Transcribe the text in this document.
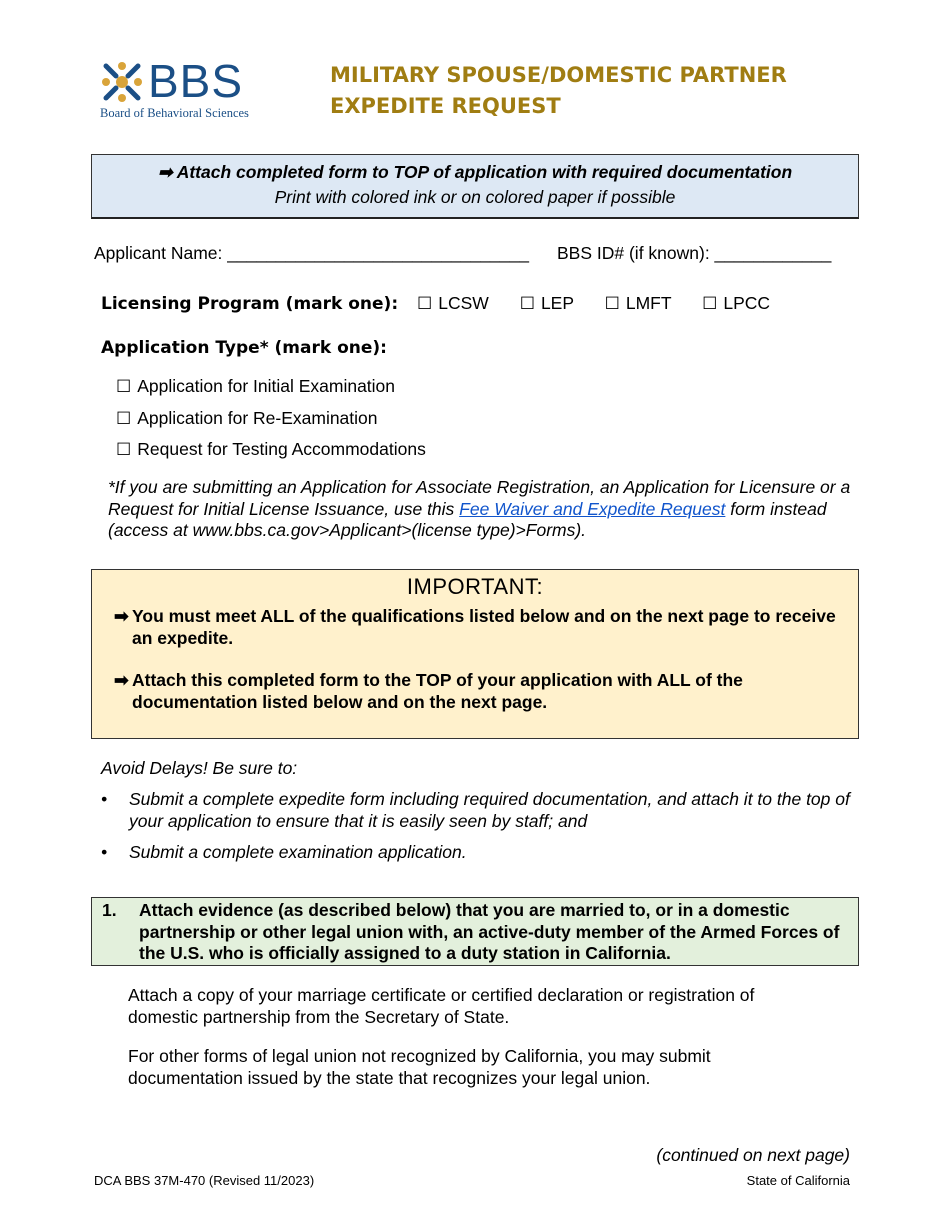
BBS
Board of Behavioral Sciences
MILITARY SPOUSE/DOMESTIC PARTNER
EXPEDITE REQUEST
➡ Attach completed form to TOP of application with required documentation
Print with colored ink or on colored paper if possible
Applicant Name: _______________________________ BBS ID# (if known): ____________
Licensing Program (mark one): ☐ LCSW ☐ LEP ☐ LMFT ☐ LPCC
Application Type* (mark one):
☐ Application for Initial Examination
☐ Application for Re-Examination
☐ Request for Testing Accommodations
*If you are submitting an Application for Associate Registration, an Application for Licensure or a Request for Initial License Issuance, use this Fee Waiver and Expedite Request form instead (access at www.bbs.ca.gov>Applicant>(license type)>Forms).
IMPORTANT:
➡ You must meet ALL of the qualifications listed below and on the next page to receive an expedite.
➡ Attach this completed form to the TOP of your application with ALL of the documentation listed below and on the next page.
Avoid Delays! Be sure to:
• Submit a complete expedite form including required documentation, and attach it to the top of your application to ensure that it is easily seen by staff; and
• Submit a complete examination application.
1. Attach evidence (as described below) that you are married to, or in a domestic partnership or other legal union with, an active-duty member of the Armed Forces of the U.S. who is officially assigned to a duty station in California.
Attach a copy of your marriage certificate or certified declaration or registration of domestic partnership from the Secretary of State.
For other forms of legal union not recognized by California, you may submit documentation issued by the state that recognizes your legal union.
(continued on next page)
DCA BBS 37M-470 (Revised 11/2023)	State of California
